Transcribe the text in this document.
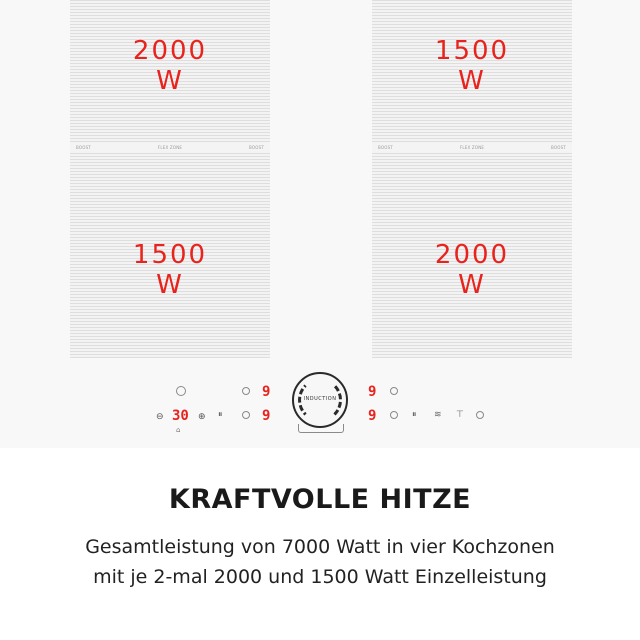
BOOST	FLEX ZONE	BOOST
2000
W
1500
W
BOOST	FLEX ZONE	BOOST
1500
W
2000
W
9
9
⊖ 30 ⊕
⌂
⏸
INDUCTION	9
9	⏸ ≋ ⊤
KRAFTVOLLE HITZE
Gesamtleistung von 7000 Watt in vier Kochzonen
mit je 2-mal 2000 und 1500 Watt Einzelleistung
